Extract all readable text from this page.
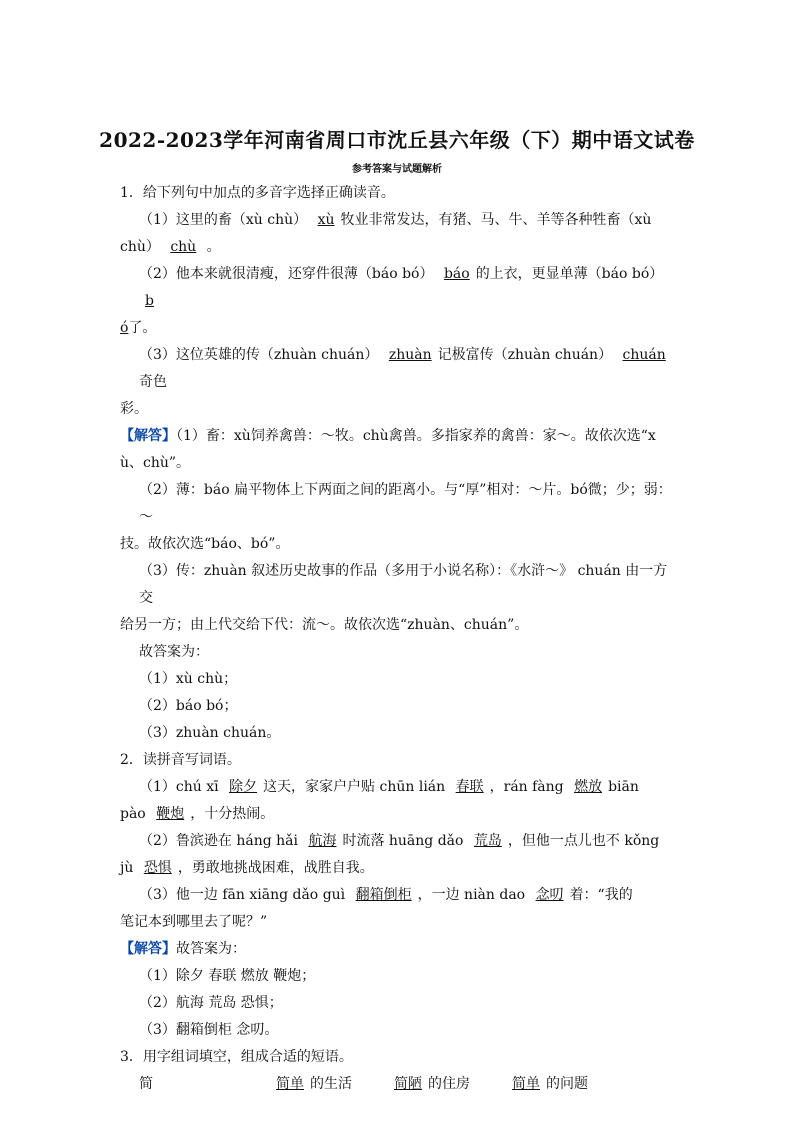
2022-2023学年河南省周口市沈丘县六年级（下）期中语文试卷
参考答案与试题解析

1．给下列句中加点的多音字选择正确读音。

（1）这里的畜（xù chù） xù 牧业非常发达，有猪、马、牛、羊等各种牲畜（xù

chù） chù 。

（2）他本来就很清瘦，还穿件很薄（báo bó） báo 的上衣，更显单薄（báo bó） b

ó了。

（3）这位英雄的传（zhuàn chuán） zhuàn 记极富传（zhuàn chuán） chuán奇色

彩。

【解答】（1）畜：xù饲养禽兽：～牧。chù禽兽。多指家养的禽兽：家～。故依次选“x

ù、chù”。

（2）薄：báo 扁平物体上下两面之间的距离小。与“厚”相对：～片。bó微；少；弱：～

技。故依次选“báo、bó”。

（3）传：zhuàn 叙述历史故事的作品（多用于小说名称）：《水浒～》 chuán 由一方交

给另一方；由上代交给下代：流～。故依次选“zhuàn、chuán”。

故答案为：

（1）xù chù；

（2）báo bó；

（3）zhuàn chuán。

2．读拼音写词语。

（1）chú xī 除夕 这天，家家户户贴 chūn lián 春联 ，rán fàng 燃放 biān

pào 鞭炮 ，十分热闹。

（2）鲁滨逊在 háng hǎi 航海 时流落 huāng dǎo 荒岛 ，但他一点儿也不 kǒng

jù 恐惧 ，勇敢地挑战困难，战胜自我。

（3）他一边 fān xiāng dǎo guì 翻箱倒柜 ，一边 niàn dao 念叨 着：“我的

笔记本到哪里去了呢？”

【解答】故答案为：

（1）除夕 春联 燃放 鞭炮；

（2）航海 荒岛 恐惧；

（3）翻箱倒柜 念叨。

3．用字组词填空，组成合适的短语。

简	简单 的生活	简陋 的住房	简单 的问题
